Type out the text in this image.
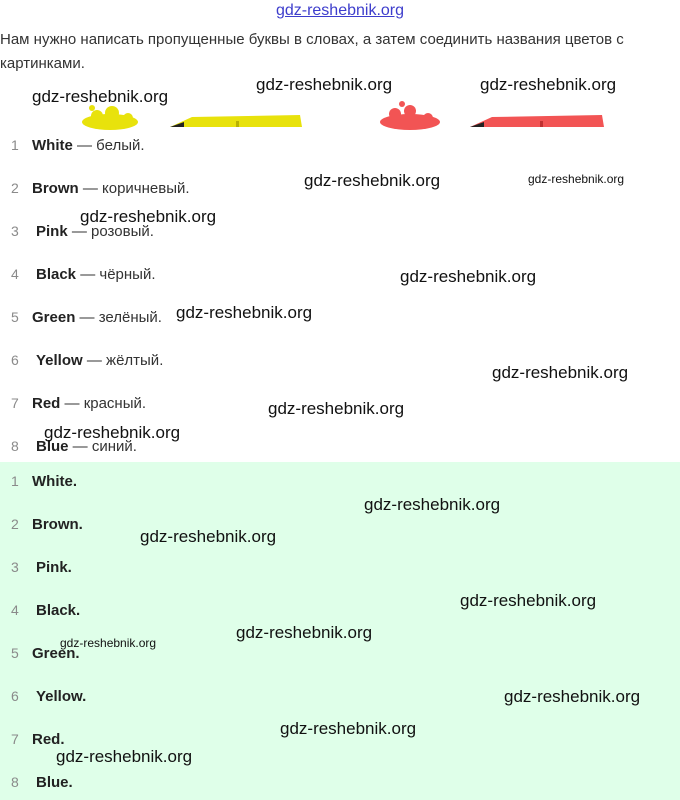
gdz-reshebnik.org
Нам нужно написать пропущенные буквы в словах, а затем соединить названия цветов с картинками.
1 White — белый.
2 Brown — коричневый.
3	Pink — розовый.
4	Black — чёрный.
5 Green — зелёный.
6	Yellow — жёлтый.
7 Red — красный.
8	Blue — синий.
1 White.
2 Brown.
3	Pink.
4	Black.
5 Green.
6	Yellow.
7 Red.
8	Blue.
gdz-reshebnik.org
gdz-reshebnik.org	gdz-reshebnik.org
gdz-reshebnik.org	gdz-reshebnik.org
gdz-reshebnik.org
gdz-reshebnik.org
gdz-reshebnik.org
gdz-reshebnik.org
gdz-reshebnik.org
gdz-reshebnik.org
gdz-reshebnik.org
gdz-reshebnik.org
gdz-reshebnik.org
gdz-reshebnik.org
gdz-reshebnik.org
gdz-reshebnik.org
gdz-reshebnik.org
gdz-reshebnik.org
